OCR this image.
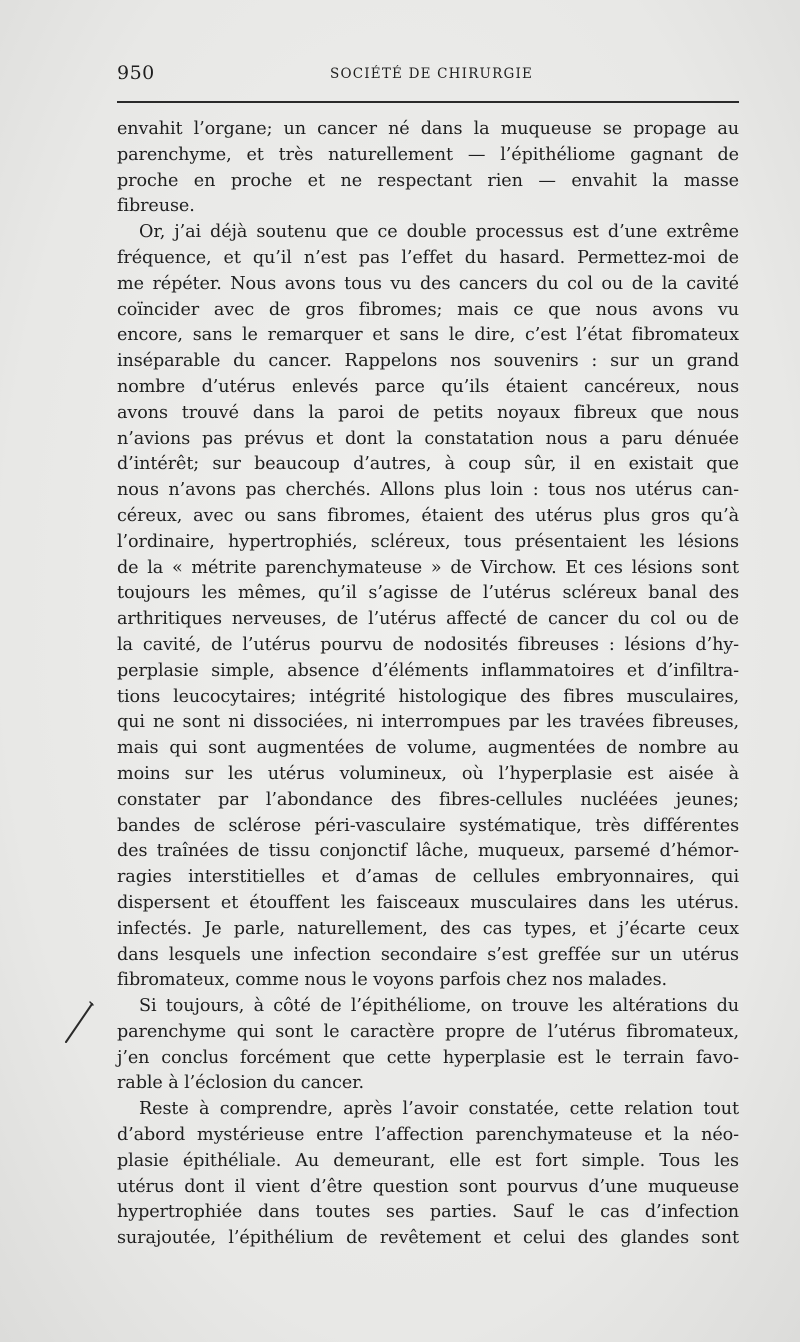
950	SOCIÉTÉ DE CHIRURGIE
envahit l’organe; un cancer né dans la muqueuse se propage au
parenchyme, et très naturellement — l’épithéliome gagnant de
proche en proche et ne respectant rien — envahit la masse
fibreuse.
Or, j’ai déjà soutenu que ce double processus est d’une extrême
fréquence, et qu’il n’est pas l’effet du hasard. Permettez-moi de
me répéter. Nous avons tous vu des cancers du col ou de la cavité
coïncider avec de gros fibromes; mais ce que nous avons vu
encore, sans le remarquer et sans le dire, c’est l’état fibromateux
inséparable du cancer. Rappelons nos souvenirs : sur un grand
nombre d’utérus enlevés parce qu’ils étaient cancéreux, nous
avons trouvé dans la paroi de petits noyaux fibreux que nous
n’avions pas prévus et dont la constatation nous a paru dénuée
d’intérêt; sur beaucoup d’autres, à coup sûr, il en existait que
nous n’avons pas cherchés. Allons plus loin : tous nos utérus can-
céreux, avec ou sans fibromes, étaient des utérus plus gros qu’à
l’ordinaire, hypertrophiés, scléreux, tous présentaient les lésions
de la « métrite parenchymateuse » de Virchow. Et ces lésions sont
toujours les mêmes, qu’il s’agisse de l’utérus scléreux banal des
arthritiques nerveuses, de l’utérus affecté de cancer du col ou de
la cavité, de l’utérus pourvu de nodosités fibreuses : lésions d’hy-
perplasie simple, absence d’éléments inflammatoires et d’infiltra-
tions leucocytaires; intégrité histologique des fibres musculaires,
qui ne sont ni dissociées, ni interrompues par les travées fibreuses,
mais qui sont augmentées de volume, augmentées de nombre au
moins sur les utérus volumineux, où l’hyperplasie est aisée à
constater par l’abondance des fibres-cellules nucléées jeunes;
bandes de sclérose péri-vasculaire systématique, très différentes
des traînées de tissu conjonctif lâche, muqueux, parsemé d’hémor-
ragies interstitielles et d’amas de cellules embryonnaires, qui
dispersent et étouffent les faisceaux musculaires dans les utérus.
infectés. Je parle, naturellement, des cas types, et j’écarte ceux
dans lesquels une infection secondaire s’est greffée sur un utérus
fibromateux, comme nous le voyons parfois chez nos malades.
Si toujours, à côté de l’épithéliome, on trouve les altérations du
parenchyme qui sont le caractère propre de l’utérus fibromateux,
j’en conclus forcément que cette hyperplasie est le terrain favo-
rable à l’éclosion du cancer.
Reste à comprendre, après l’avoir constatée, cette relation tout
d’abord mystérieuse entre l’affection parenchymateuse et la néo-
plasie épithéliale. Au demeurant, elle est fort simple. Tous les
utérus dont il vient d’être question sont pourvus d’une muqueuse
hypertrophiée dans toutes ses parties. Sauf le cas d’infection
surajoutée, l’épithélium de revêtement et celui des glandes sont
